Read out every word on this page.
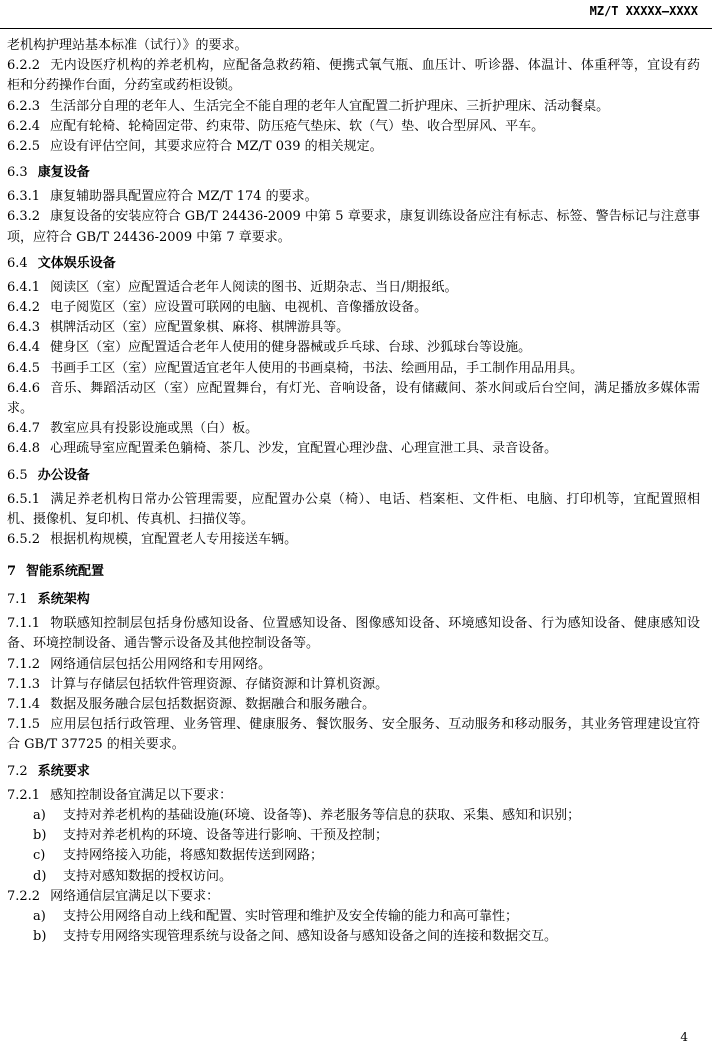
MZ/T XXXXX—XXXX

老机构护理站基本标准（试行）》的要求。

6.2.2 无内设医疗机构的养老机构，应配备急救药箱、便携式氧气瓶、血压计、听诊器、体温计、体重秤等，宜设有药柜和分药操作台面，分药室或药柜设锁。

6.2.3 生活部分自理的老年人、生活完全不能自理的老年人宜配置二折护理床、三折护理床、活动餐桌。

6.2.4 应配有轮椅、轮椅固定带、约束带、防压疮气垫床、软（气）垫、收合型屏风、平车。

6.2.5 应设有评估空间，其要求应符合 MZ/T 039 的相关规定。

6.3 康复设备

6.3.1 康复辅助器具配置应符合 MZ/T 174 的要求。

6.3.2 康复设备的安装应符合 GB/T 24436-2009 中第 5 章要求，康复训练设备应注有标志、标签、警告标记与注意事项，应符合 GB/T 24436-2009 中第 7 章要求。

6.4 文体娱乐设备

6.4.1 阅读区（室）应配置适合老年人阅读的图书、近期杂志、当日/期报纸。

6.4.2 电子阅览区（室）应设置可联网的电脑、电视机、音像播放设备。

6.4.3 棋牌活动区（室）应配置象棋、麻将、棋牌游具等。

6.4.4 健身区（室）应配置适合老年人使用的健身器械或乒乓球、台球、沙狐球台等设施。

6.4.5 书画手工区（室）应配置适宜老年人使用的书画桌椅，书法、绘画用品，手工制作用品用具。

6.4.6 音乐、舞蹈活动区（室）应配置舞台，有灯光、音响设备，设有储藏间、茶水间或后台空间，满足播放多媒体需求。

6.4.7 教室应具有投影设施或黑（白）板。

6.4.8 心理疏导室应配置柔色躺椅、茶几、沙发，宜配置心理沙盘、心理宣泄工具、录音设备。

6.5 办公设备

6.5.1 满足养老机构日常办公管理需要，应配置办公桌（椅）、电话、档案柜、文件柜、电脑、打印机等，宜配置照相机、摄像机、复印机、传真机、扫描仪等。

6.5.2 根据机构规模，宜配置老人专用接送车辆。

7 智能系统配置

7.1 系统架构

7.1.1 物联感知控制层包括身份感知设备、位置感知设备、图像感知设备、环境感知设备、行为感知设备、健康感知设备、环境控制设备、通告警示设备及其他控制设备等。

7.1.2 网络通信层包括公用网络和专用网络。

7.1.3 计算与存储层包括软件管理资源、存储资源和计算机资源。

7.1.4 数据及服务融合层包括数据资源、数据融合和服务融合。

7.1.5 应用层包括行政管理、业务管理、健康服务、餐饮服务、安全服务、互动服务和移动服务，其业务管理建设宜符合 GB/T 37725 的相关要求。

7.2 系统要求

7.2.1 感知控制设备宜满足以下要求：

a) 支持对养老机构的基础设施(环境、设备等)、养老服务等信息的获取、采集、感知和识别；

b) 支持对养老机构的环境、设备等进行影响、干预及控制；

c) 支持网络接入功能，将感知数据传送到网路；

d) 支持对感知数据的授权访问。

7.2.2 网络通信层宜满足以下要求：

a) 支持公用网络自动上线和配置、实时管理和维护及安全传输的能力和高可靠性；

b) 支持专用网络实现管理系统与设备之间、感知设备与感知设备之间的连接和数据交互。

4
